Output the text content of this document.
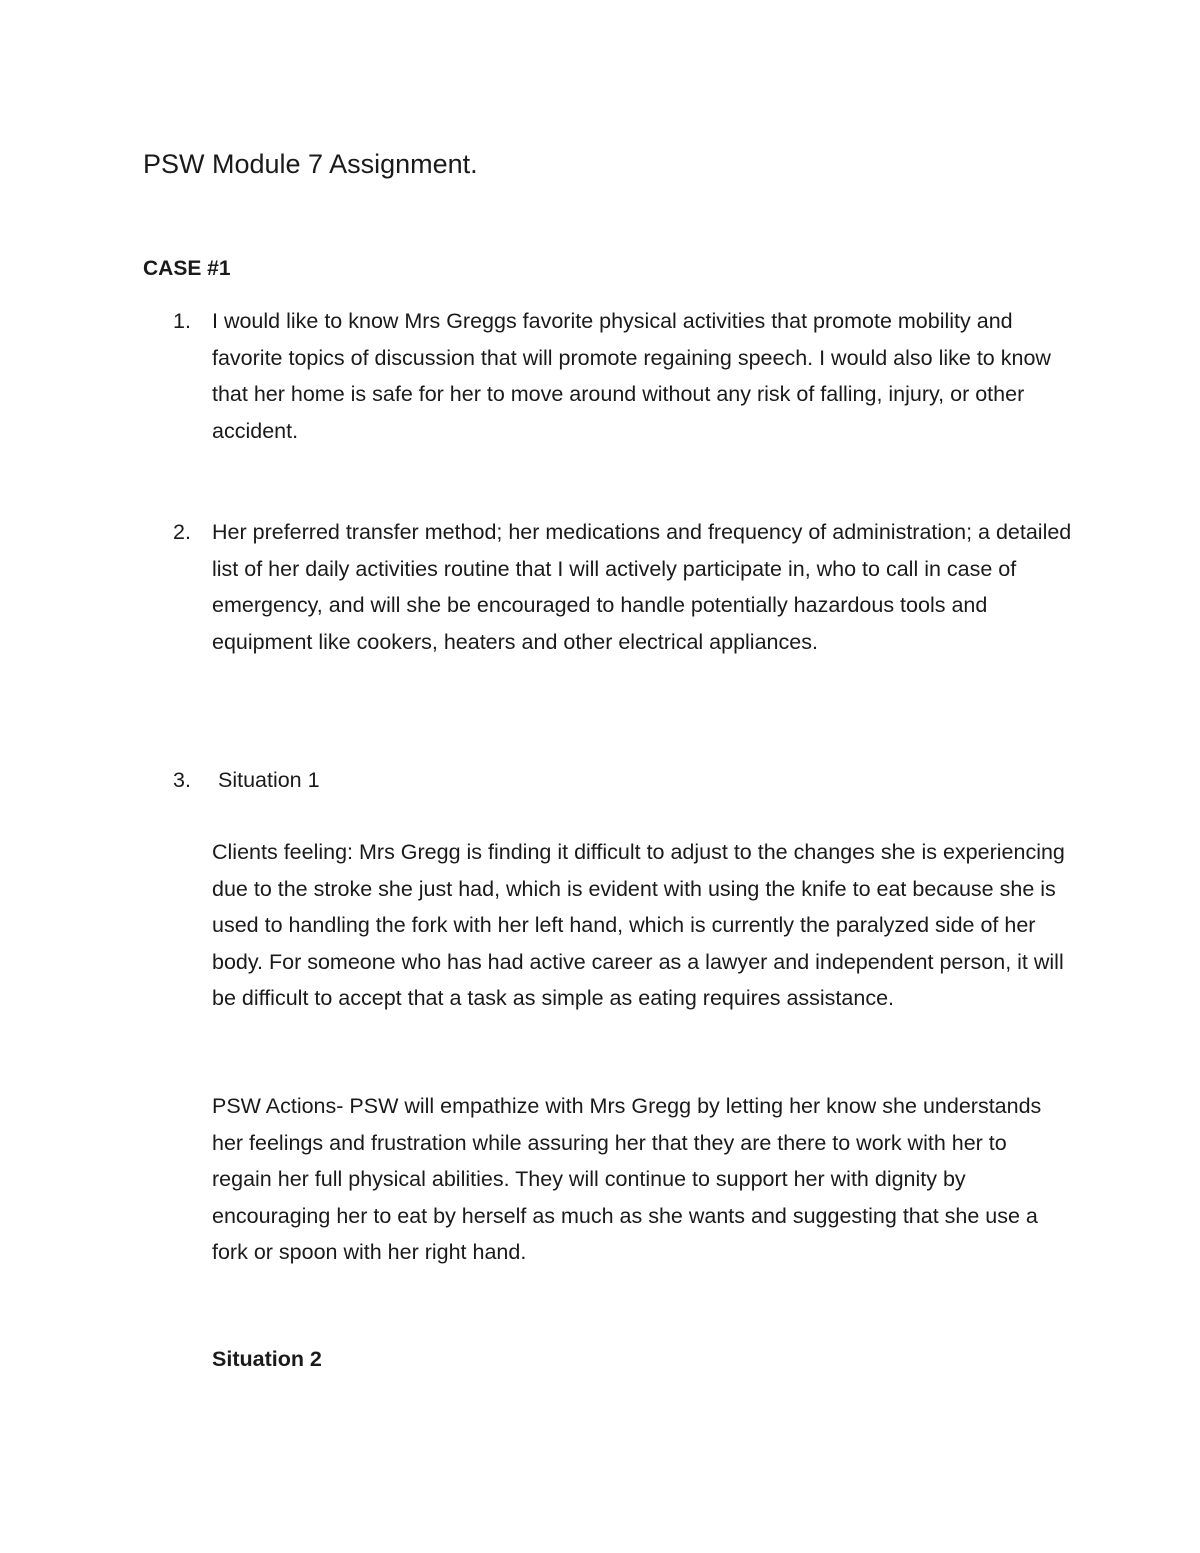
PSW Module 7 Assignment.
CASE #1
1. I would like to know Mrs Greggs favorite physical activities that promote mobility and favorite topics of discussion that will promote regaining speech. I would also like to know that her home is safe for her to move around without any risk of falling, injury, or other accident.
2. Her preferred transfer method; her medications and frequency of administration; a detailed list of her daily activities routine that I will actively participate in, who to call in case of emergency, and will she be encouraged to handle potentially hazardous tools and equipment like cookers, heaters and other electrical appliances.
3. Situation 1

Clients feeling: Mrs Gregg is finding it difficult to adjust to the changes she is experiencing due to the stroke she just had, which is evident with using the knife to eat because she is used to handling the fork with her left hand, which is currently the paralyzed side of her body. For someone who has had active career as a lawyer and independent person, it will be difficult to accept that a task as simple as eating requires assistance.

PSW Actions- PSW will empathize with Mrs Gregg by letting her know she understands her feelings and frustration while assuring her that they are there to work with her to regain her full physical abilities. They will continue to support her with dignity by encouraging her to eat by herself as much as she wants and suggesting that she use a fork or spoon with her right hand.

Situation 2
